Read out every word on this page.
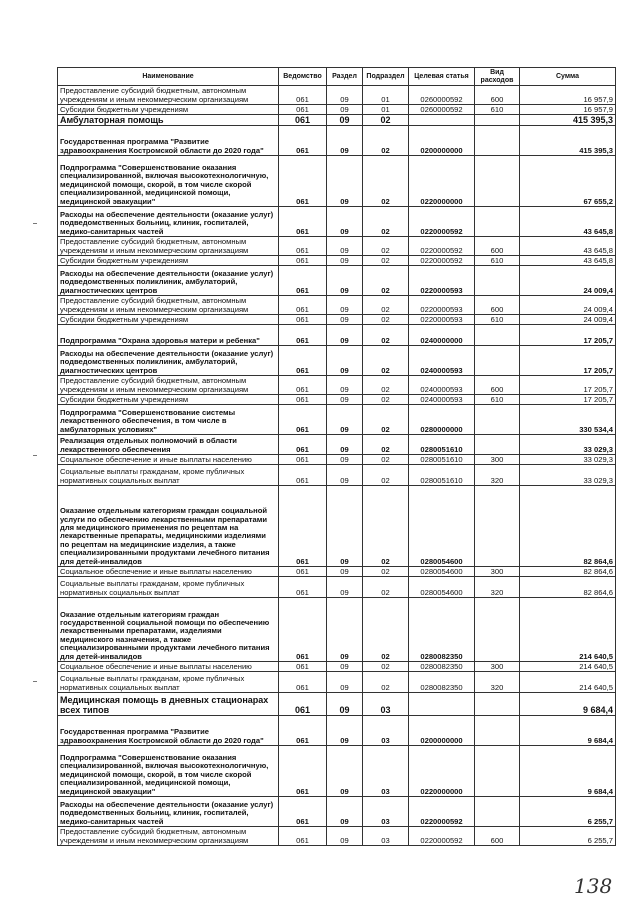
Наименование	Ведомство	Раздел	Подраздел	Целевая статья	Вид расходов	Сумма
Предоставление субсидий бюджетным, автономным учреждениям и иным некоммерческим организациям	061	09	01	0260000592	600	16 957,9
Субсидии бюджетным учреждениям	061	09	01	0260000592	610	16 957,9
Амбулаторная помощь	061	09	02			415 395,3
Государственная программа "Развитие здравоохранения Костромской области до 2020 года"	061	09	02	0200000000		415 395,3
Подпрограмма "Совершенствование оказания специализированной, включая высокотехнологичную, медицинской помощи, скорой, в том числе скорой специализированной, медицинской помощи, медицинской эвакуации"	061	09	02	0220000000		67 655,2
Расходы на обеспечение деятельности (оказание услуг) подведомственных больниц, клиник, госпиталей, медико-санитарных частей	061	09	02	0220000592		43 645,8
Предоставление субсидий бюджетным, автономным учреждениям и иным некоммерческим организациям	061	09	02	0220000592	600	43 645,8
Субсидии бюджетным учреждениям	061	09	02	0220000592	610	43 645,8
Расходы на обеспечение деятельности (оказание услуг) подведомственных поликлиник, амбулаторий, диагностических центров	061	09	02	0220000593		24 009,4
Предоставление субсидий бюджетным, автономным учреждениям и иным некоммерческим организациям	061	09	02	0220000593	600	24 009,4
Субсидии бюджетным учреждениям	061	09	02	0220000593	610	24 009,4
Подпрограмма "Охрана здоровья матери и ребенка"	061	09	02	0240000000		17 205,7
Расходы на обеспечение деятельности (оказание услуг) подведомственных поликлиник, амбулаторий, диагностических центров	061	09	02	0240000593		17 205,7
Предоставление субсидий бюджетным, автономным учреждениям и иным некоммерческим организациям	061	09	02	0240000593	600	17 205,7
Субсидии бюджетным учреждениям	061	09	02	0240000593	610	17 205,7
Подпрограмма "Совершенствование системы лекарственного обеспечения, в том числе в амбулаторных условиях"	061	09	02	0280000000		330 534,4
Реализация отдельных полномочий в области лекарственного обеспечения	061	09	02	0280051610		33 029,3
Социальное обеспечение и иные выплаты населению	061	09	02	0280051610	300	33 029,3
Социальные выплаты гражданам, кроме публичных нормативных социальных выплат	061	09	02	0280051610	320	33 029,3
Оказание отдельным категориям граждан социальной услуги по обеспечению лекарственными препаратами для медицинского применения по рецептам на лекарственные препараты, медицинскими изделиями по рецептам на медицинские изделия, а также специализированными продуктами лечебного питания для детей-инвалидов	061	09	02	0280054600		82 864,6
Социальное обеспечение и иные выплаты населению	061	09	02	0280054600	300	82 864,6
Социальные выплаты гражданам, кроме публичных нормативных социальных выплат	061	09	02	0280054600	320	82 864,6
Оказание отдельным категориям граждан государственной социальной помощи по обеспечению лекарственными препаратами, изделиями медицинского назначения, а также специализированными продуктами лечебного питания для детей-инвалидов	061	09	02	0280082350		214 640,5
Социальное обеспечение и иные выплаты населению	061	09	02	0280082350	300	214 640,5
Социальные выплаты гражданам, кроме публичных нормативных социальных выплат	061	09	02	0280082350	320	214 640,5
Медицинская помощь в дневных стационарах всех типов	061	09	03			9 684,4
Государственная программа "Развитие здравоохранения Костромской области до 2020 года"	061	09	03	0200000000		9 684,4
Подпрограмма "Совершенствование оказания специализированной, включая высокотехнологичную, медицинской помощи, скорой, в том числе скорой специализированной, медицинской помощи, медицинской эвакуации"	061	09	03	0220000000		9 684,4
Расходы на обеспечение деятельности (оказание услуг) подведомственных больниц, клиник, госпиталей, медико-санитарных частей	061	09	03	0220000592		6 255,7
Предоставление субсидий бюджетным, автономным учреждениям и иным некоммерческим организациям	061	09	03	0220000592	600	6 255,7
138
